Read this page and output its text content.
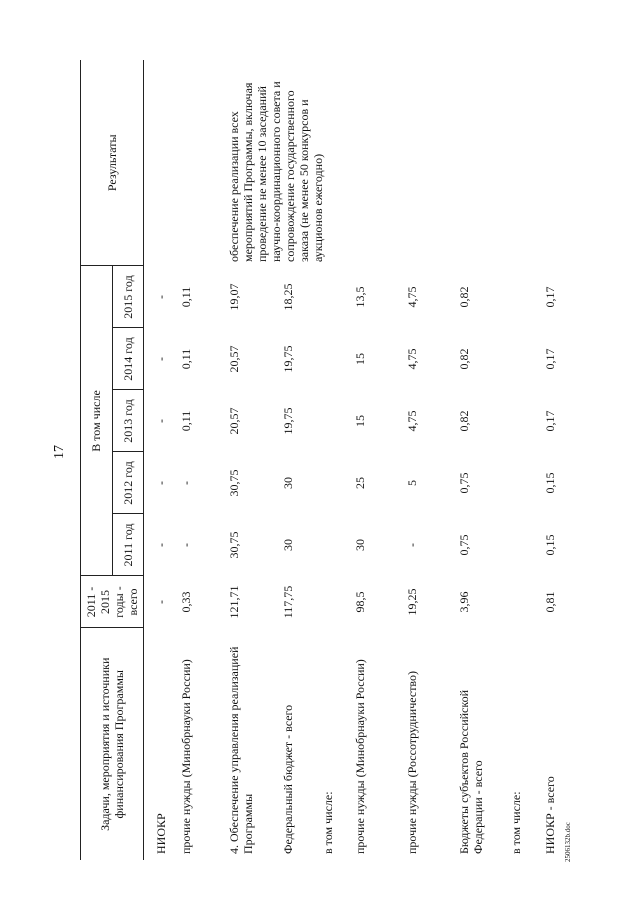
17
Задачи, мероприятия и источники финансирования Программы	2011 - 2015 годы - всего	В том числе					Результаты
		2011 год	2012 год	2013 год	2014 год	2015 год	
НИОКР	-	-	-	-	-	-	
прочие нужды (Минобрнауки России)	0,33	-	-	0,11	0,11	0,11	
4. Обеспечение управления реализацией Программы	121,71	30,75	30,75	20,57	20,57	19,07	обеспечение реализации всех мероприятий Программы, включая проведение не менее 10 заседаний научно-координационного совета и сопровождение государственного заказа (не менее 50 конкурсов и аукционов ежегодно)
Федеральный бюджет - всего	117,75	30	30	19,75	19,75	18,25	
в том числе:							
прочие нужды (Минобрнауки России)	98,5	30	25	15	15	13,5	
прочие нужды (Россотрудничество)	19,25	-	5	4,75	4,75	4,75	
Бюджеты субъектов Российской Федерации - всего	3,96	0,75	0,75	0,82	0,82	0,82	
в том числе:							
НИОКР - всего	0,81	0,15	0,15	0,17	0,17	0,17	
2506132b.doc
